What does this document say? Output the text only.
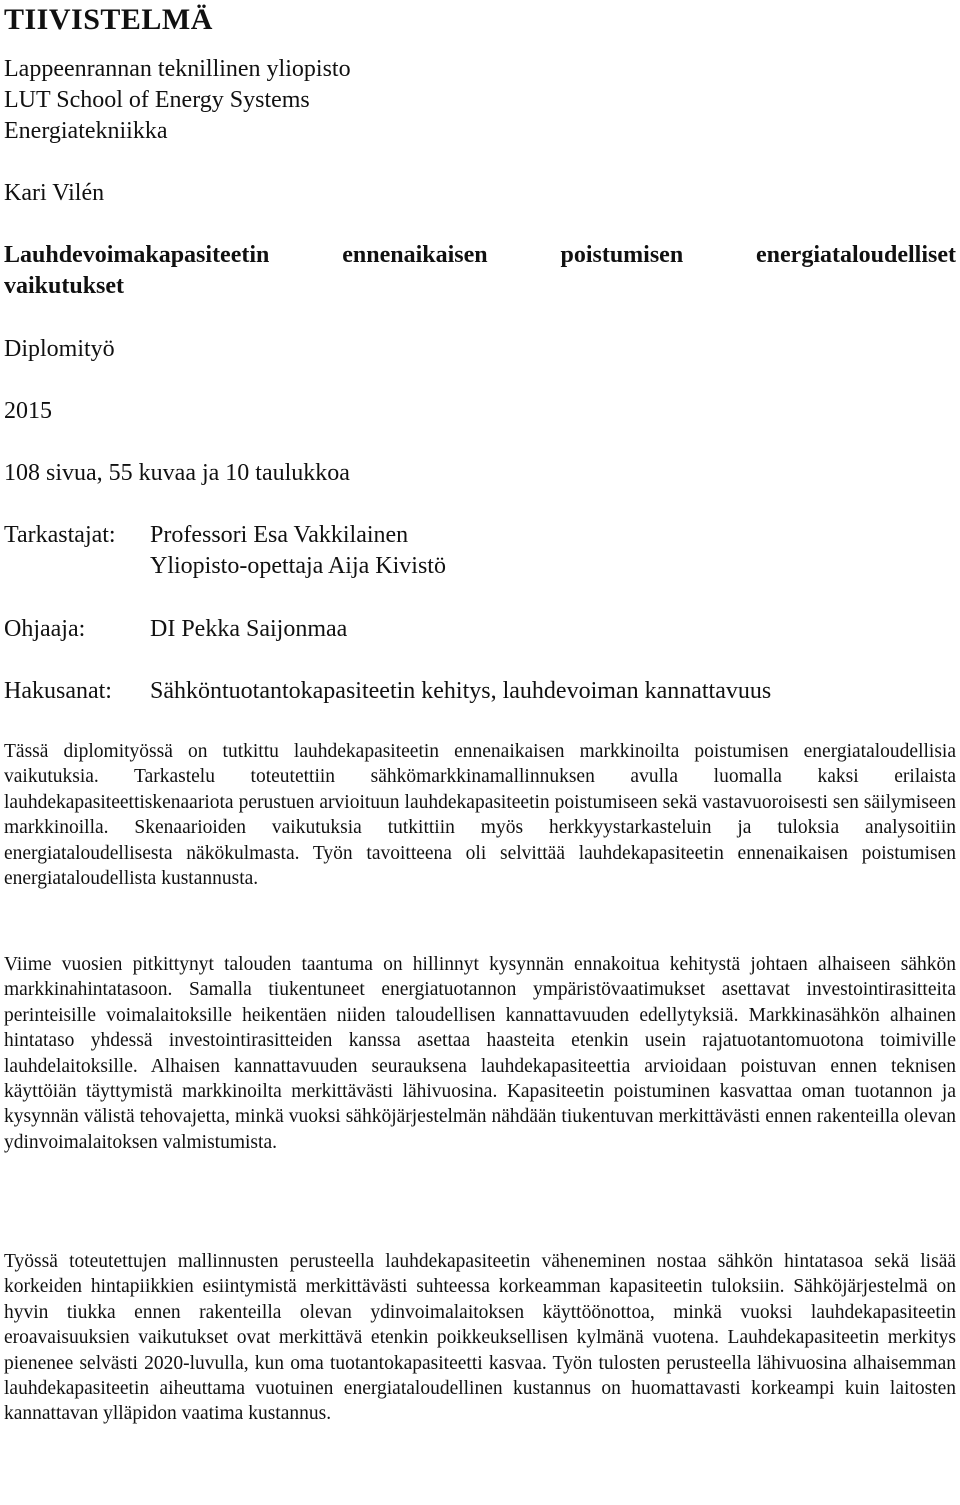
TIIVISTELMÄ

Lappeenrannan teknillinen yliopisto

LUT School of Energy Systems

Energiatekniikka

Kari Vilén

Lauhdevoimakapasiteetin	ennenaikaisen	poistumisen	energiataloudelliset
vaikutukset

Diplomityö

2015

108 sivua, 55 kuvaa ja 10 taulukkoa

Tarkastajat: Professori Esa Vakkilainen
Yliopisto-opettaja Aija Kivistö
Ohjaaja:	DI Pekka Saijonmaa
Hakusanat: Sähköntuotantokapasiteetin kehitys, lauhdevoiman kannattavuus

Tässä diplomityössä on tutkittu lauhdekapasiteetin ennenaikaisen markkinoilta poistumisen energiataloudellisia vaikutuksia. Tarkastelu toteutettiin sähkömarkkinamallinnuksen avulla luomalla kaksi erilaista lauhdekapasiteettiskenaariota perustuen arvioituun lauhdekapasiteetin poistumiseen sekä vastavuoroisesti sen säilymiseen markkinoilla. Skenaarioiden vaikutuksia tutkittiin myös herkkyystarkasteluin ja tuloksia analysoitiin energiataloudellisesta näkökulmasta. Työn tavoitteena oli selvittää lauhdekapasiteetin ennenaikaisen poistumisen energiataloudellista kustannusta.

Viime vuosien pitkittynyt talouden taantuma on hillinnyt kysynnän ennakoitua kehitystä johtaen alhaiseen sähkön markkinahintatasoon. Samalla tiukentuneet energiatuotannon ympäristövaatimukset asettavat investointirasitteita perinteisille voimalaitoksille heikentäen niiden taloudellisen kannattavuuden edellytyksiä. Markkinasähkön alhainen hintataso yhdessä investointirasitteiden kanssa asettaa haasteita etenkin usein rajatuotantomuotona toimiville lauhdelaitoksille. Alhaisen kannattavuuden seurauksena lauhdekapasiteettia arvioidaan poistuvan ennen teknisen käyttöiän täyttymistä markkinoilta merkittävästi lähivuosina. Kapasiteetin poistuminen kasvattaa oman tuotannon ja kysynnän välistä tehovajetta, minkä vuoksi sähköjärjestelmän nähdään tiukentuvan merkittävästi ennen rakenteilla olevan ydinvoimalaitoksen valmistumista.

Työssä toteutettujen mallinnusten perusteella lauhdekapasiteetin väheneminen nostaa sähkön hintatasoa sekä lisää korkeiden hintapiikkien esiintymistä merkittävästi suhteessa korkeamman kapasiteetin tuloksiin. Sähköjärjestelmä on hyvin tiukka ennen rakenteilla olevan ydinvoimalaitoksen käyttöönottoa, minkä vuoksi lauhdekapasiteetin eroavaisuuksien vaikutukset ovat merkittävä etenkin poikkeuksellisen kylmänä vuotena. Lauhdekapasiteetin merkitys pienenee selvästi 2020-luvulla, kun oma tuotantokapasiteetti kasvaa. Työn tulosten perusteella lähivuosina alhaisemman lauhdekapasiteetin aiheuttama vuotuinen energiataloudellinen kustannus on huomattavasti korkeampi kuin laitosten kannattavan ylläpidon vaatima kustannus.
